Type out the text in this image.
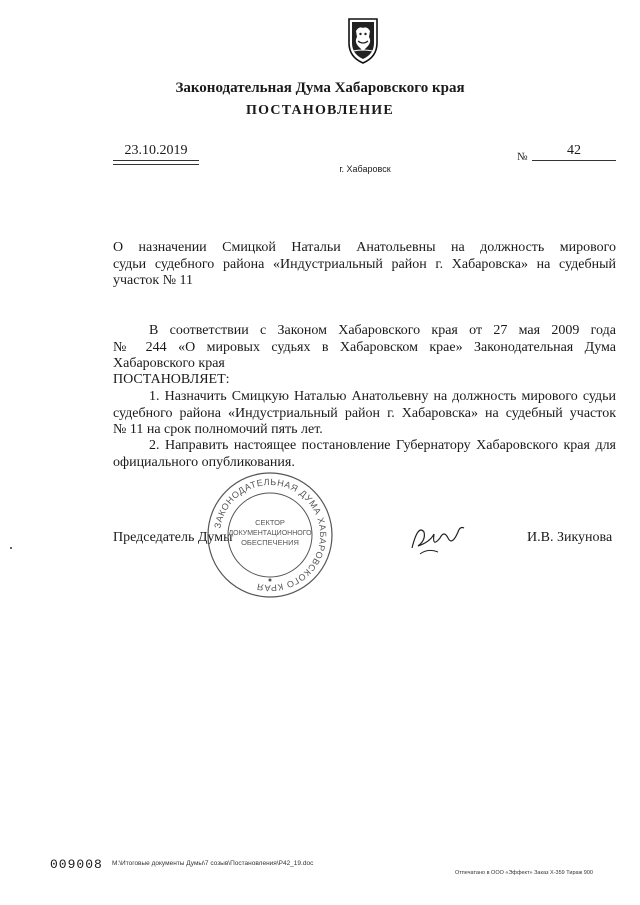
Законодательная Дума Хабаровского края
ПОСТАНОВЛЕНИЕ
23.10.2019	№	42
г. Хабаровск
О назначении Смицкой Натальи Анатольевны на должность мирового
судьи судебного района «Индустриальный район г. Хабаровска» на судебный
участок № 11
В соответствии с Законом Хабаровского края от 27 мая 2009 года
№ 244 «О мировых судьях в Хабаровском крае» Законодательная Дума
Хабаровского края
ПОСТАНОВЛЯЕТ:
1. Назначить Смицкую Наталью Анатольевну на должность мирового судьи
судебного района «Индустриальный район г. Хабаровска» на судебный участок
№ 11 на срок полномочий пять лет.
2. Направить настоящее постановление Губернатору Хабаровского края для
официального опубликования.
Председатель Думы
ЗАКОНОДАТЕЛЬНАЯ ДУМА ХАБАРОВСКОГО КРАЯ
СЕКТОР
ДОКУМЕНТАЦИОННОГО
ОБЕСПЕЧЕНИЯ	И.В. Зикунова
009008 М:\Итоговые документы Думы\7 созыв\Постановления\Р42_19.doc
Отпечатано в ООО «Эффект» Заказ Х-359 Тираж 900
